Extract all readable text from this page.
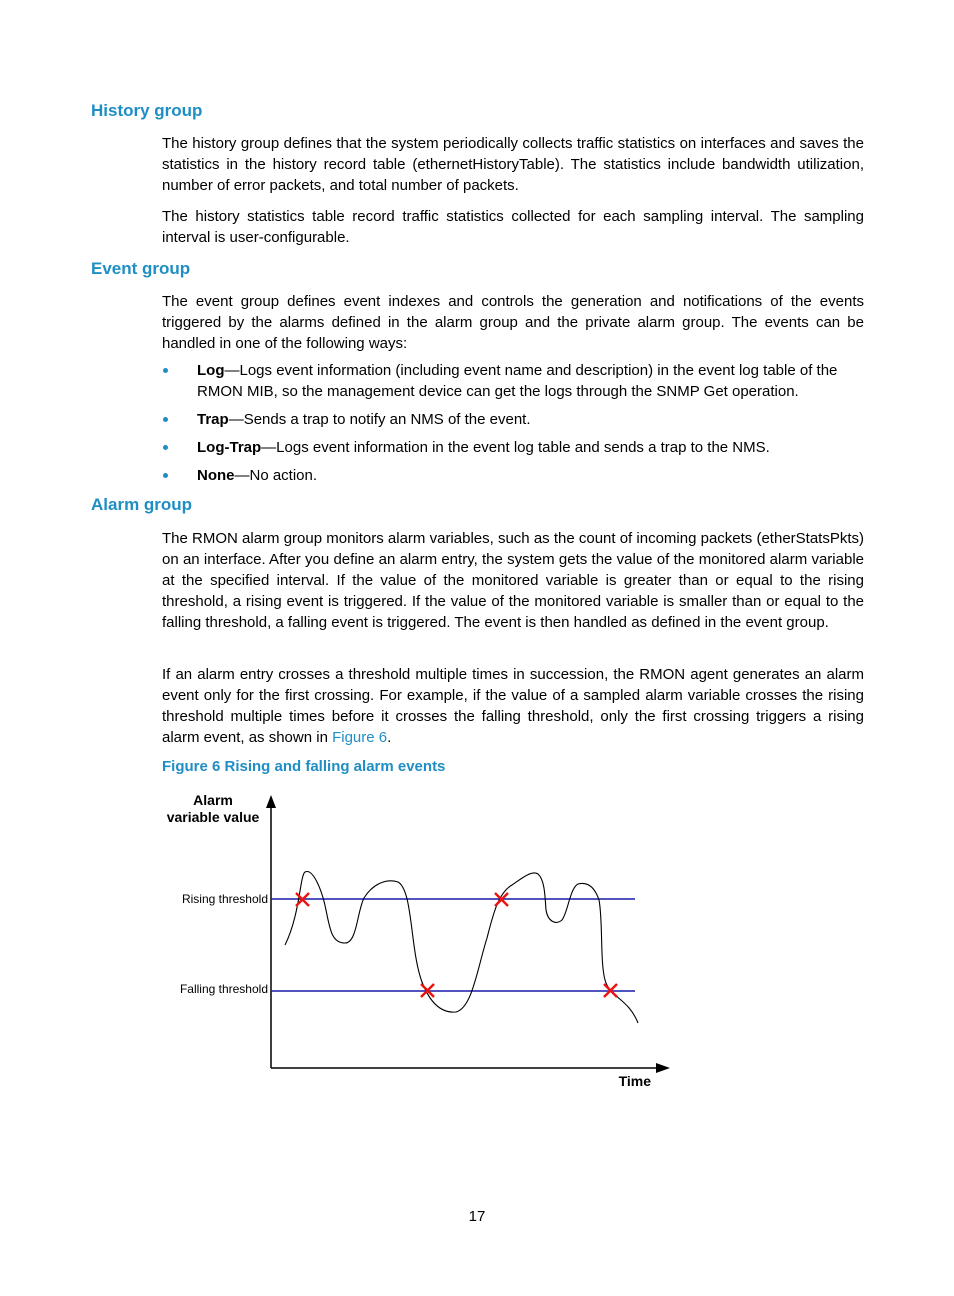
History group

The history group defines that the system periodically collects traffic statistics on interfaces and saves the statistics in the history record table (ethernetHistoryTable). The statistics include bandwidth utilization, number of error packets, and total number of packets.

The history statistics table record traffic statistics collected for each sampling interval. The sampling interval is user-configurable.

Event group

The event group defines event indexes and controls the generation and notifications of the events triggered by the alarms defined in the alarm group and the private alarm group. The events can be handled in one of the following ways:

Log—Logs event information (including event name and description) in the event log table of the RMON MIB, so the management device can get the logs through the SNMP Get operation.
Trap—Sends a trap to notify an NMS of the event.
Log-Trap—Logs event information in the event log table and sends a trap to the NMS.
None—No action.
Alarm group

The RMON alarm group monitors alarm variables, such as the count of incoming packets (etherStatsPkts) on an interface. After you define an alarm entry, the system gets the value of the monitored alarm variable at the specified interval. If the value of the monitored variable is greater than or equal to the rising threshold, a rising event is triggered. If the value of the monitored variable is smaller than or equal to the falling threshold, a falling event is triggered. The event is then handled as defined in the event group.

If an alarm entry crosses a threshold multiple times in succession, the RMON agent generates an alarm event only for the first crossing. For example, if the value of a sampled alarm variable crosses the rising threshold multiple times before it crosses the falling threshold, only the first crossing triggers a rising alarm event, as shown in Figure 6.

Figure 6 Rising and falling alarm events

Alarm
variable value
Rising threshold
Falling threshold
Time
17
